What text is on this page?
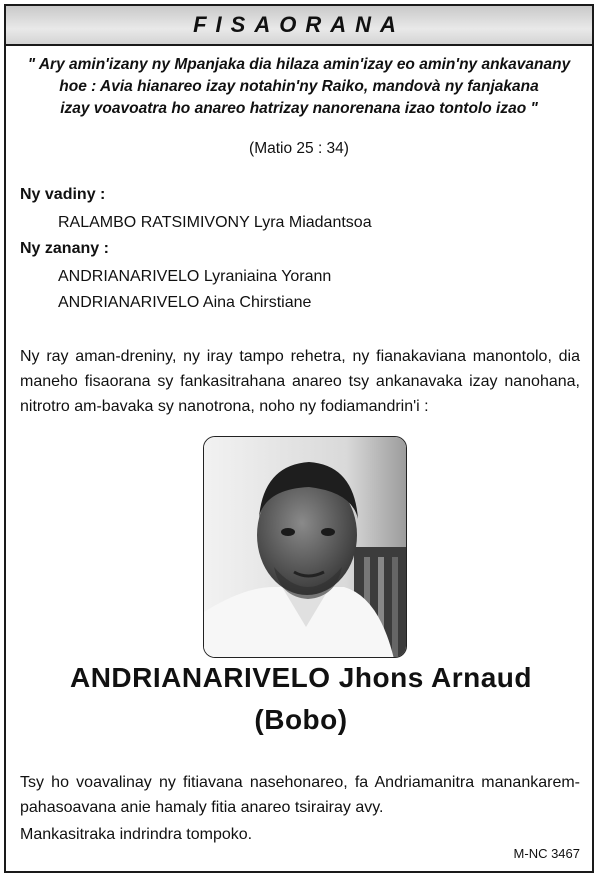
FISAORANA
" Ary amin'izany ny Mpanjaka dia hilaza amin'izay eo amin'ny ankavanany
hoe : Avia hianareo izay notahin'ny Raiko, mandovà ny fanjakana
izay voavoatra ho anareo hatrizay nanorenana izao tontolo izao "
(Matio 25 : 34)
Ny vadiny :
RALAMBO RATSIMIVONY Lyra Miadantsoa
Ny zanany :
ANDRIANARIVELO Lyraniaina Yorann
ANDRIANARIVELO Aina Chirstiane
Ny ray aman-dreniny, ny iray tampo rehetra, ny fianakaviana manontolo, dia maneho fisaorana sy fankasitrahana anareo tsy ankanavaka izay nanohana, nitrotro am-bavaka sy nanotrona, noho ny fodiamandrin'i :
ANDRIANARIVELO Jhons Arnaud
(Bobo)
Tsy ho voavalinay ny fitiavana nasehonareo, fa Andriamanitra manankarem-pahasoavana anie hamaly fitia anareo tsirairay avy.
Mankasitraka indrindra tompoko.
M-NC 3467
